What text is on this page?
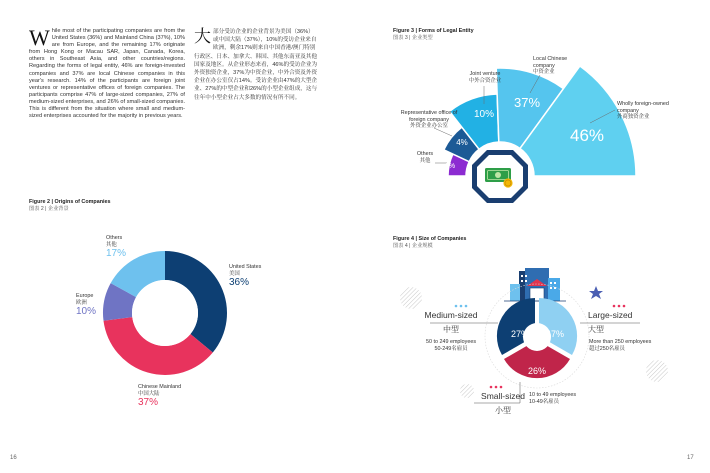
While most of the participating companies are from the United States (36%) and Mainland China (37%), 10% are from Europe, and the remaining 17% originate from Hong Kong or Macau SAR, Japan, Canada, Korea, others in Southeast Asia, and other countries/regions. Regarding the forms of legal entity, 46% are foreign-invested companies and 37% are local Chinese companies in this year's research. 14% of the participants are foreign joint ventures or representative offices of foreign companies. The participants comprise 47% of large-sized companies, 27% of medium-sized enterprises, and 26% of small-sized companies. This is different from the situation where small and medium-sized enterprises accounted for the majority in previous years.
大部分受访企业的企业背景为美国（36%）或中国大陆（37%），10%的受访企业来自欧洲，剩余17%则来自中国香港/澳门特别行政区、日本、加拿大、韩国、其他东南亚及其他国家及地区。从企业形态来看，46%的受访企业为外资独资企业，37%为中资企业，中外合资及外资企业在办公室仅占14%。受访企业由47%的大型企业、27%的中型企业和26%的小型企业组成，这与往年中小型企业占大多数的情况有所不同。
Figure 3 | Forms of Legal Entity
图表 3 | 企业类型
3%
4%
10%
37%
46%
Others
其他
Representative office of foreign company
外资企业办公室
Joint venture
中外合资企业
Local Chinese company
中资企业
Wholly foreign-owned company
外商独资企业
Figure 2 | Origins of Companies
图表 2 | 企业背景
United States
美国
36%
Chinese Mainland
中国大陆
37%
Europe
欧洲
10%
Others
其他
17%
Figure 4 | Size of Companies
图表 4 | 企业规模
27% 47%
26%
Medium-sized
中型
50 to 249 employees
50-249名雇员
Large-sized
大型
More than 250 employees
超过250名雇员
Small-sized
小型
10 to 49 employees
10-49名雇员
16	17
